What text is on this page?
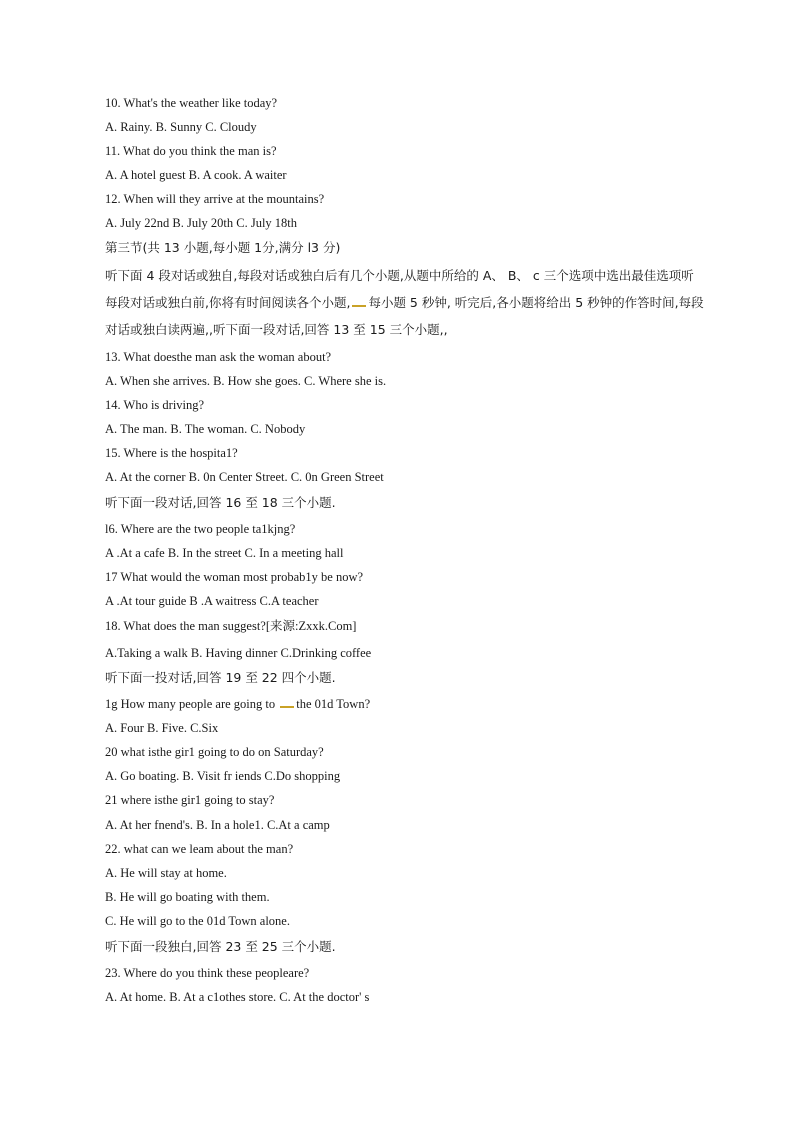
10. What's the weather like today?
A. Rainy. B. Sunny C. Cloudy
11. What do you think the man is?
A. A hotel guest B. A cook. A waiter
12. When will they arrive at the mountains?
A. July 22nd B. July 20th C. July 18th
第三节(共 13 小题,每小题 1分,满分 l3 分)
听下面 4 段对话或独自,每段对话或独白后有几个小题,从题中所给的 A、 B、 c 三个选项中选出最佳选项听
每段对话或独白前,你将有时间阅读各个小题, 每小题 5 秒钟, 听完后,各小题将给出 5 秒钟的作答时间,每段
对话或独白读两遍,,听下面一段对话,回答 13 至 15 三个小题,,
13. What doesthe man ask the woman about?
A. When she arrives. B. How she goes. C. Where she is.
14. Who is driving?
A. The man. B. The woman. C. Nobody
15. Where is the hospita1?
A. At the corner B. 0n Center Street. C. 0n Green Street
听下面一段对话,回答 16 至 18 三个小题.
l6. Where are the two people ta1kjng?
A .At a cafe B. In the street C. In a meeting hall
17 What would the woman most probab1y be now?
A .At tour guide B .A waitress C.A teacher
18. What does the man suggest?[来源:Zxxk.Com]
A.Taking a walk B. Having dinner C.Drinking coffee
听下面一投对话,回答 19 至 22 四个小题.
1g How many people are going to the 01d Town?
A. Four B. Five. C.Six
20 what isthe gir1 going to do on Saturday?
A. Go boating. B. Visit fr iends C.Do shopping
21 where isthe gir1 going to stay?
A. At her fnend's. B. In a hole1. C.At a camp
22. what can we leam about the man?
A. He will stay at home.
B. He will go boating with them.
C. He will go to the 01d Town alone.
听下面一段独白,回答 23 至 25 三个小题.
23. Where do you think these peopleare?
A. At home. B. At a c1othes store. C. At the doctor' s
